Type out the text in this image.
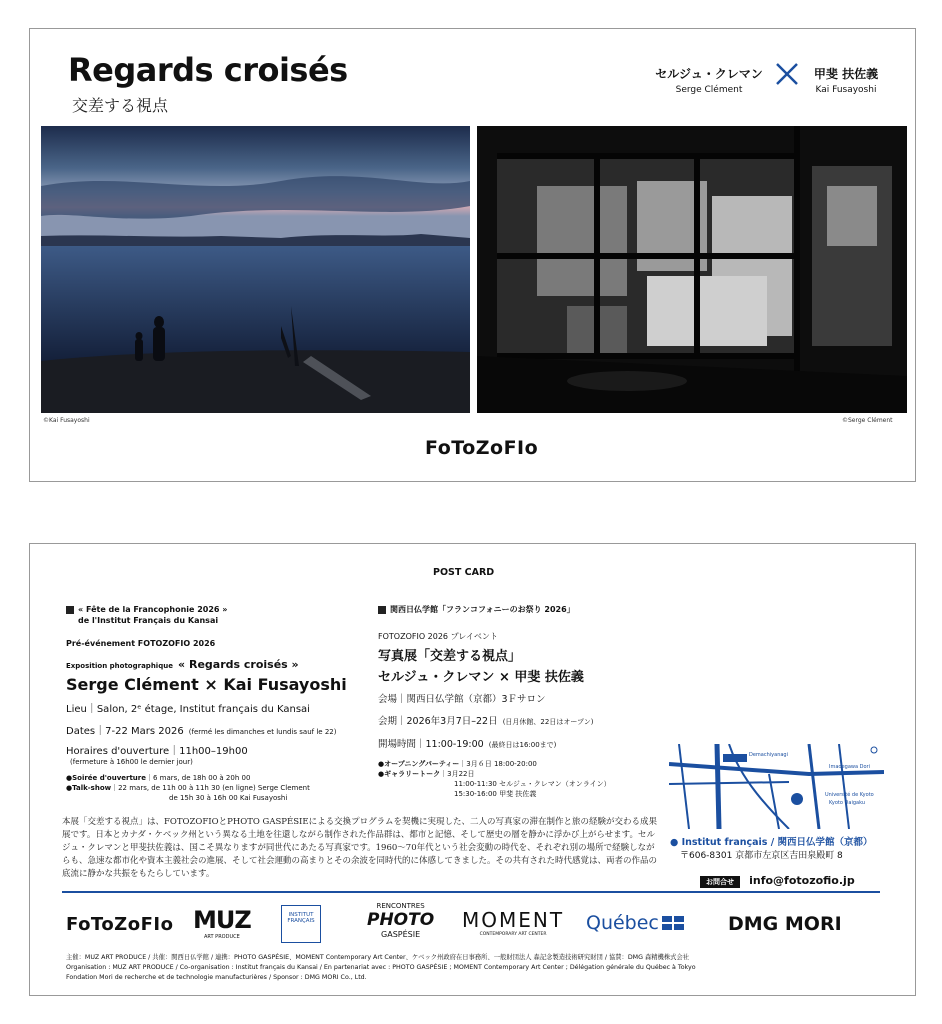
Regards croisés
交差する視点
セルジュ・クレマン
Serge Clément
甲斐 扶佐義
Kai Fusayoshi
©Kai Fusayoshi	©Serge Clément
FoToZoFIo
POST CARD
« Fête de la Francophonie 2026 »
de l'Institut Français du Kansai
Pré-événement FOTOZOFIO 2026
Exposition photographique « Regards croisés »
Serge Clément × Kai Fusayoshi
Lieu｜Salon, 2ᵉ étage, Institut français du Kansai
Dates｜7-22 Mars 2026 (fermé les dimanches et lundis sauf le 22)
Horaires d'ouverture｜11h00–19h00
(fermeture à 16h00 le dernier jour)
●Soirée d'ouverture｜6 mars, de 18h 00 à 20h 00
●Talk-show｜22 mars, de 11h 00 à 11h 30 (en ligne) Serge Clement
de 15h 30 à 16h 00 Kai Fusayoshi
関西日仏学館「フランコフォニーのお祭り 2026」
FOTOZOFIO 2026 プレイベント
写真展「交差する視点」
セルジュ・クレマン × 甲斐 扶佐義
会場｜関西日仏学館（京都）3Ｆサロン
会期｜2026年3月7日–22日 (日月休館、22日はオープン)
開場時間｜11:00-19:00 (最終日は16:00まで)
●オープニングパーティー｜3月６日 18:00-20:00
●ギャラリートーク｜3月22日
11:00-11:30 セルジュ・クレマン（オンライン）
15:30-16:00 甲斐 扶佐義
Demachiyanagi
Imadegawa Dori
Université de Kyoto
Kyoto Daigaku
● Institut français / 関西日仏学館（京都）
〒606-8301 京都市左京区吉田泉殿町 8
お問合せ info@fotozofio.jp
本展「交差する視点」は、FOTOZOFIOとPHOTO GASPÉSIEによる交換プログラムを契機に実現した、二人の写真家の滞在制作と旅の経験が交わる成果展です。日本とカナダ・ケベック州という異なる土地を往還しながら制作された作品群は、都市と記憶、そして歴史の層を静かに浮かび上がらせます。セルジュ・クレマンと甲斐扶佐義は、国こそ異なりますが同世代にあたる写真家です。1960〜70年代という社会変動の時代を、それぞれ別の場所で経験しながらも、急速な都市化や資本主義社会の進展、そして社会運動の高まりとその余波を同時代的に体感してきました。その共有された時代感覚は、両者の作品の底流に静かな共振をもたらしています。
FoToZoFIo MUZ
ART PRODUCE
INSTITUT
FRANÇAIS
RENCONTRES
PHOTO
GASPÉSIE
MOMENT
CONTEMPORARY ART CENTER
Québec	DMG MORI
主催：MUZ ART PRODUCE / 共催：関西日仏学館 / 連携：PHOTO GASPÉSIE、MOMENT Contemporary Art Center、ケベック州政府在日事務所、一般財団法人 森記念製造技術研究財団 / 協賛：DMG 森精機株式会社
Organisation : MUZ ART PRODUCE / Co-organisation : Institut français du Kansai / En partenariat avec : PHOTO GASPÉSIE ; MOMENT Contemporary Art Center ; Délégation générale du Québec à Tokyo
Fondation Mori de recherche et de technologie manufacturières / Sponsor : DMG MORI Co., Ltd.
